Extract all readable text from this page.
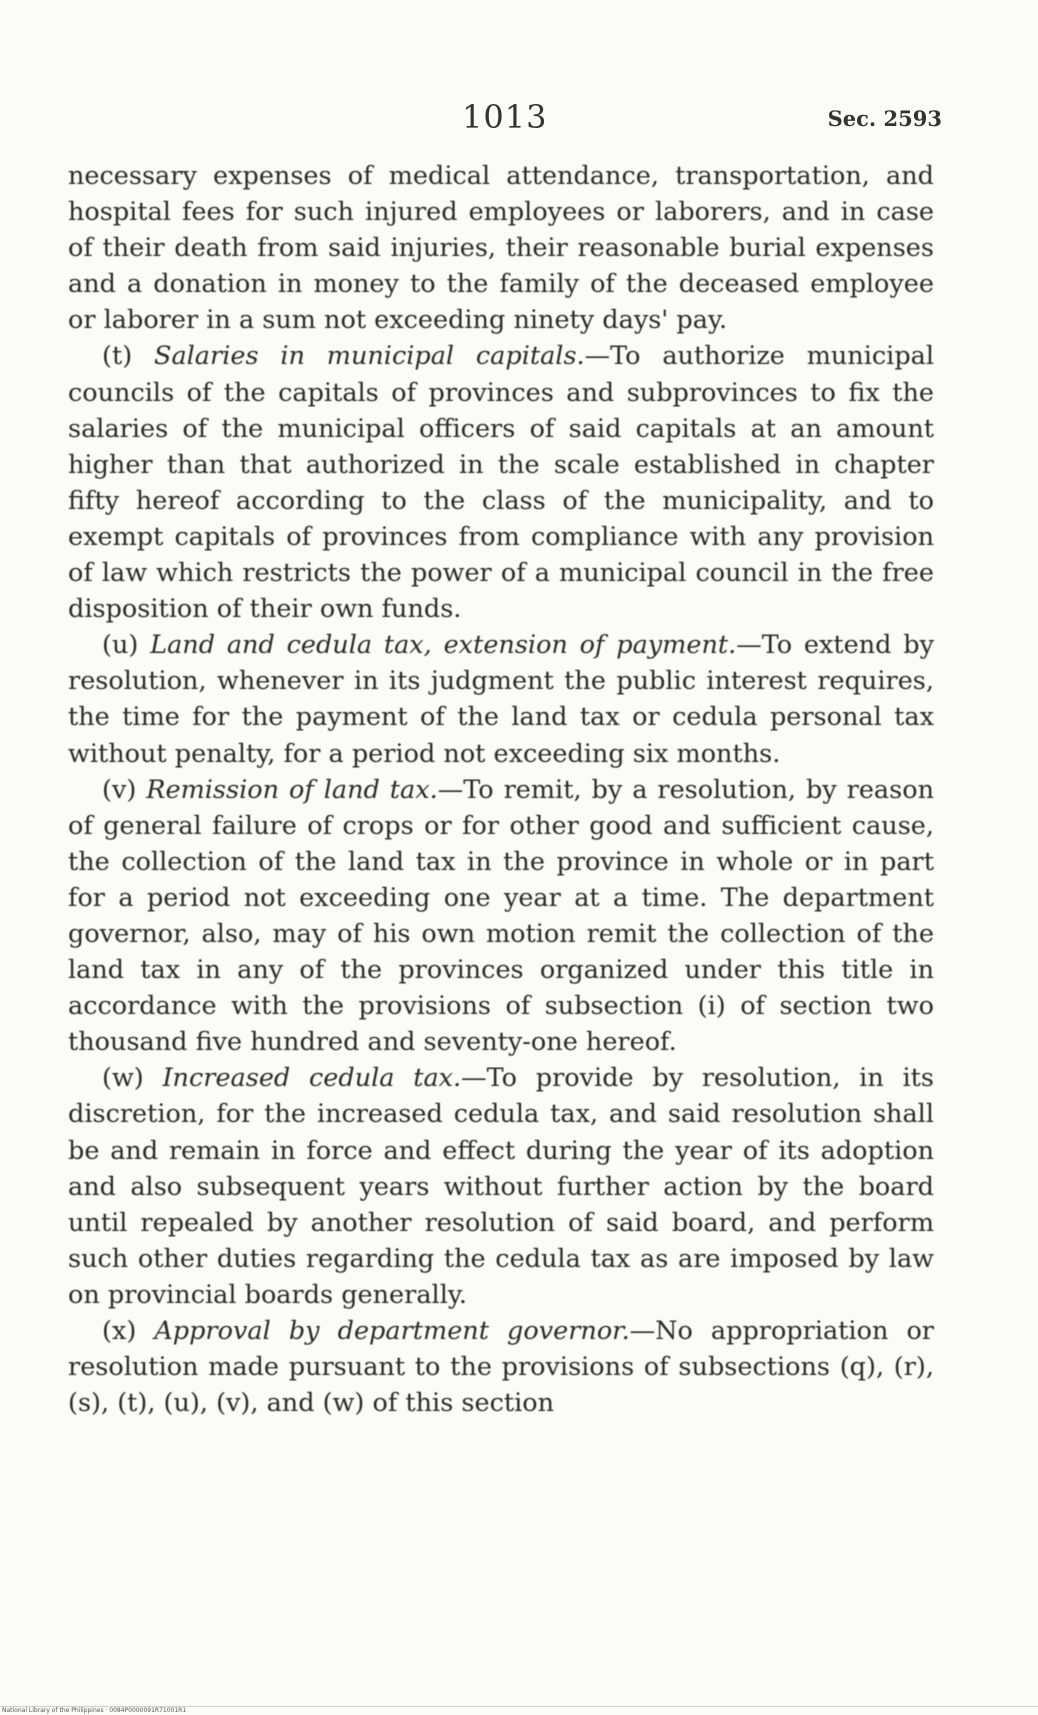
1013	Sec. 2593

necessary expenses of medical attendance, transportation, and hospital fees for such injured employees or laborers, and in case of their death from said injuries, their reasonable burial expenses and a donation in money to the family of the deceased employee or laborer in a sum not exceeding ninety days' pay.

(t) Salaries in municipal capitals.—To authorize municipal councils of the capitals of provinces and subprovinces to fix the salaries of the municipal officers of said capitals at an amount higher than that authorized in the scale established in chapter fifty hereof according to the class of the municipality, and to exempt capitals of provinces from compliance with any provision of law which restricts the power of a municipal council in the free disposition of their own funds.

(u) Land and cedula tax, extension of payment.—To extend by resolution, whenever in its judgment the public interest requires, the time for the payment of the land tax or cedula personal tax without penalty, for a period not exceeding six months.

(v) Remission of land tax.—To remit, by a resolution, by reason of general failure of crops or for other good and sufficient cause, the collection of the land tax in the province in whole or in part for a period not exceeding one year at a time. The department governor, also, may of his own motion remit the collection of the land tax in any of the provinces organized under this title in accordance with the provisions of subsection (i) of section two thousand five hundred and seventy-one hereof.

(w) Increased cedula tax.—To provide by resolution, in its discretion, for the increased cedula tax, and said resolution shall be and remain in force and effect during the year of its adoption and also subsequent years without further action by the board until repealed by another resolution of said board, and perform such other duties regarding the cedula tax as are imposed by law on provincial boards generally.

(x) Approval by department governor.—No appropriation or resolution made pursuant to the provisions of subsections (q), (r), (s), (t), (u), (v), and (w) of this section

National Library of the Philippines · 0084P0000091R71001R1
